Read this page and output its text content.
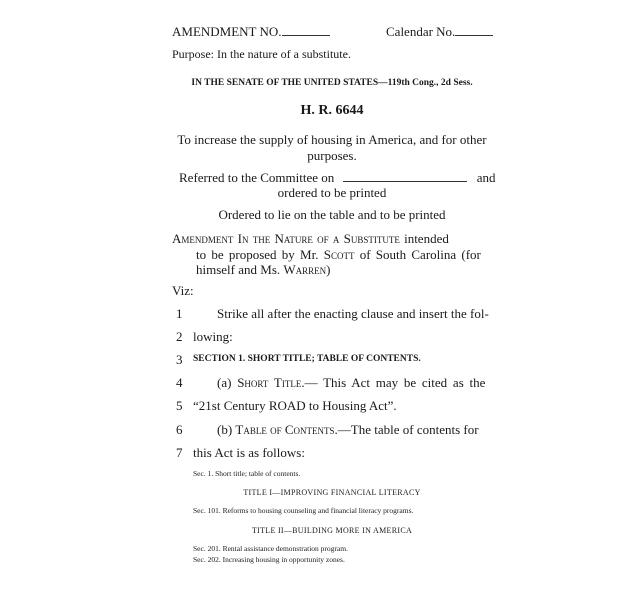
AMENDMENT NO.	Calendar No.
Purpose: In the nature of a substitute.
IN THE SENATE OF THE UNITED STATES—119th Cong., 2d Sess.
H. R. 6644
To increase the supply of housing in America, and for other
purposes.
Referred to the Committee on	and
ordered to be printed
Ordered to lie on the table and to be printed
Amendment In the Nature of a Substitute intended
to be proposed by Mr. Scott of South Carolina (for
himself and Ms. Warren)
Viz:
1	Strike all after the enacting clause and insert the fol-
2 lowing:
3 SECTION 1. SHORT TITLE; TABLE OF CONTENTS.
4	(a) Short Title.— This Act may be cited as the
5 “21st Century ROAD to Housing Act”.
6	(b) Table of Contents.—The table of contents for
7 this Act is as follows:
Sec. 1. Short title; table of contents.
TITLE I—IMPROVING FINANCIAL LITERACY
Sec. 101. Reforms to housing counseling and financial literacy programs.
TITLE II—BUILDING MORE IN AMERICA
Sec. 201. Rental assistance demonstration program.
Sec. 202. Increasing housing in opportunity zones.
